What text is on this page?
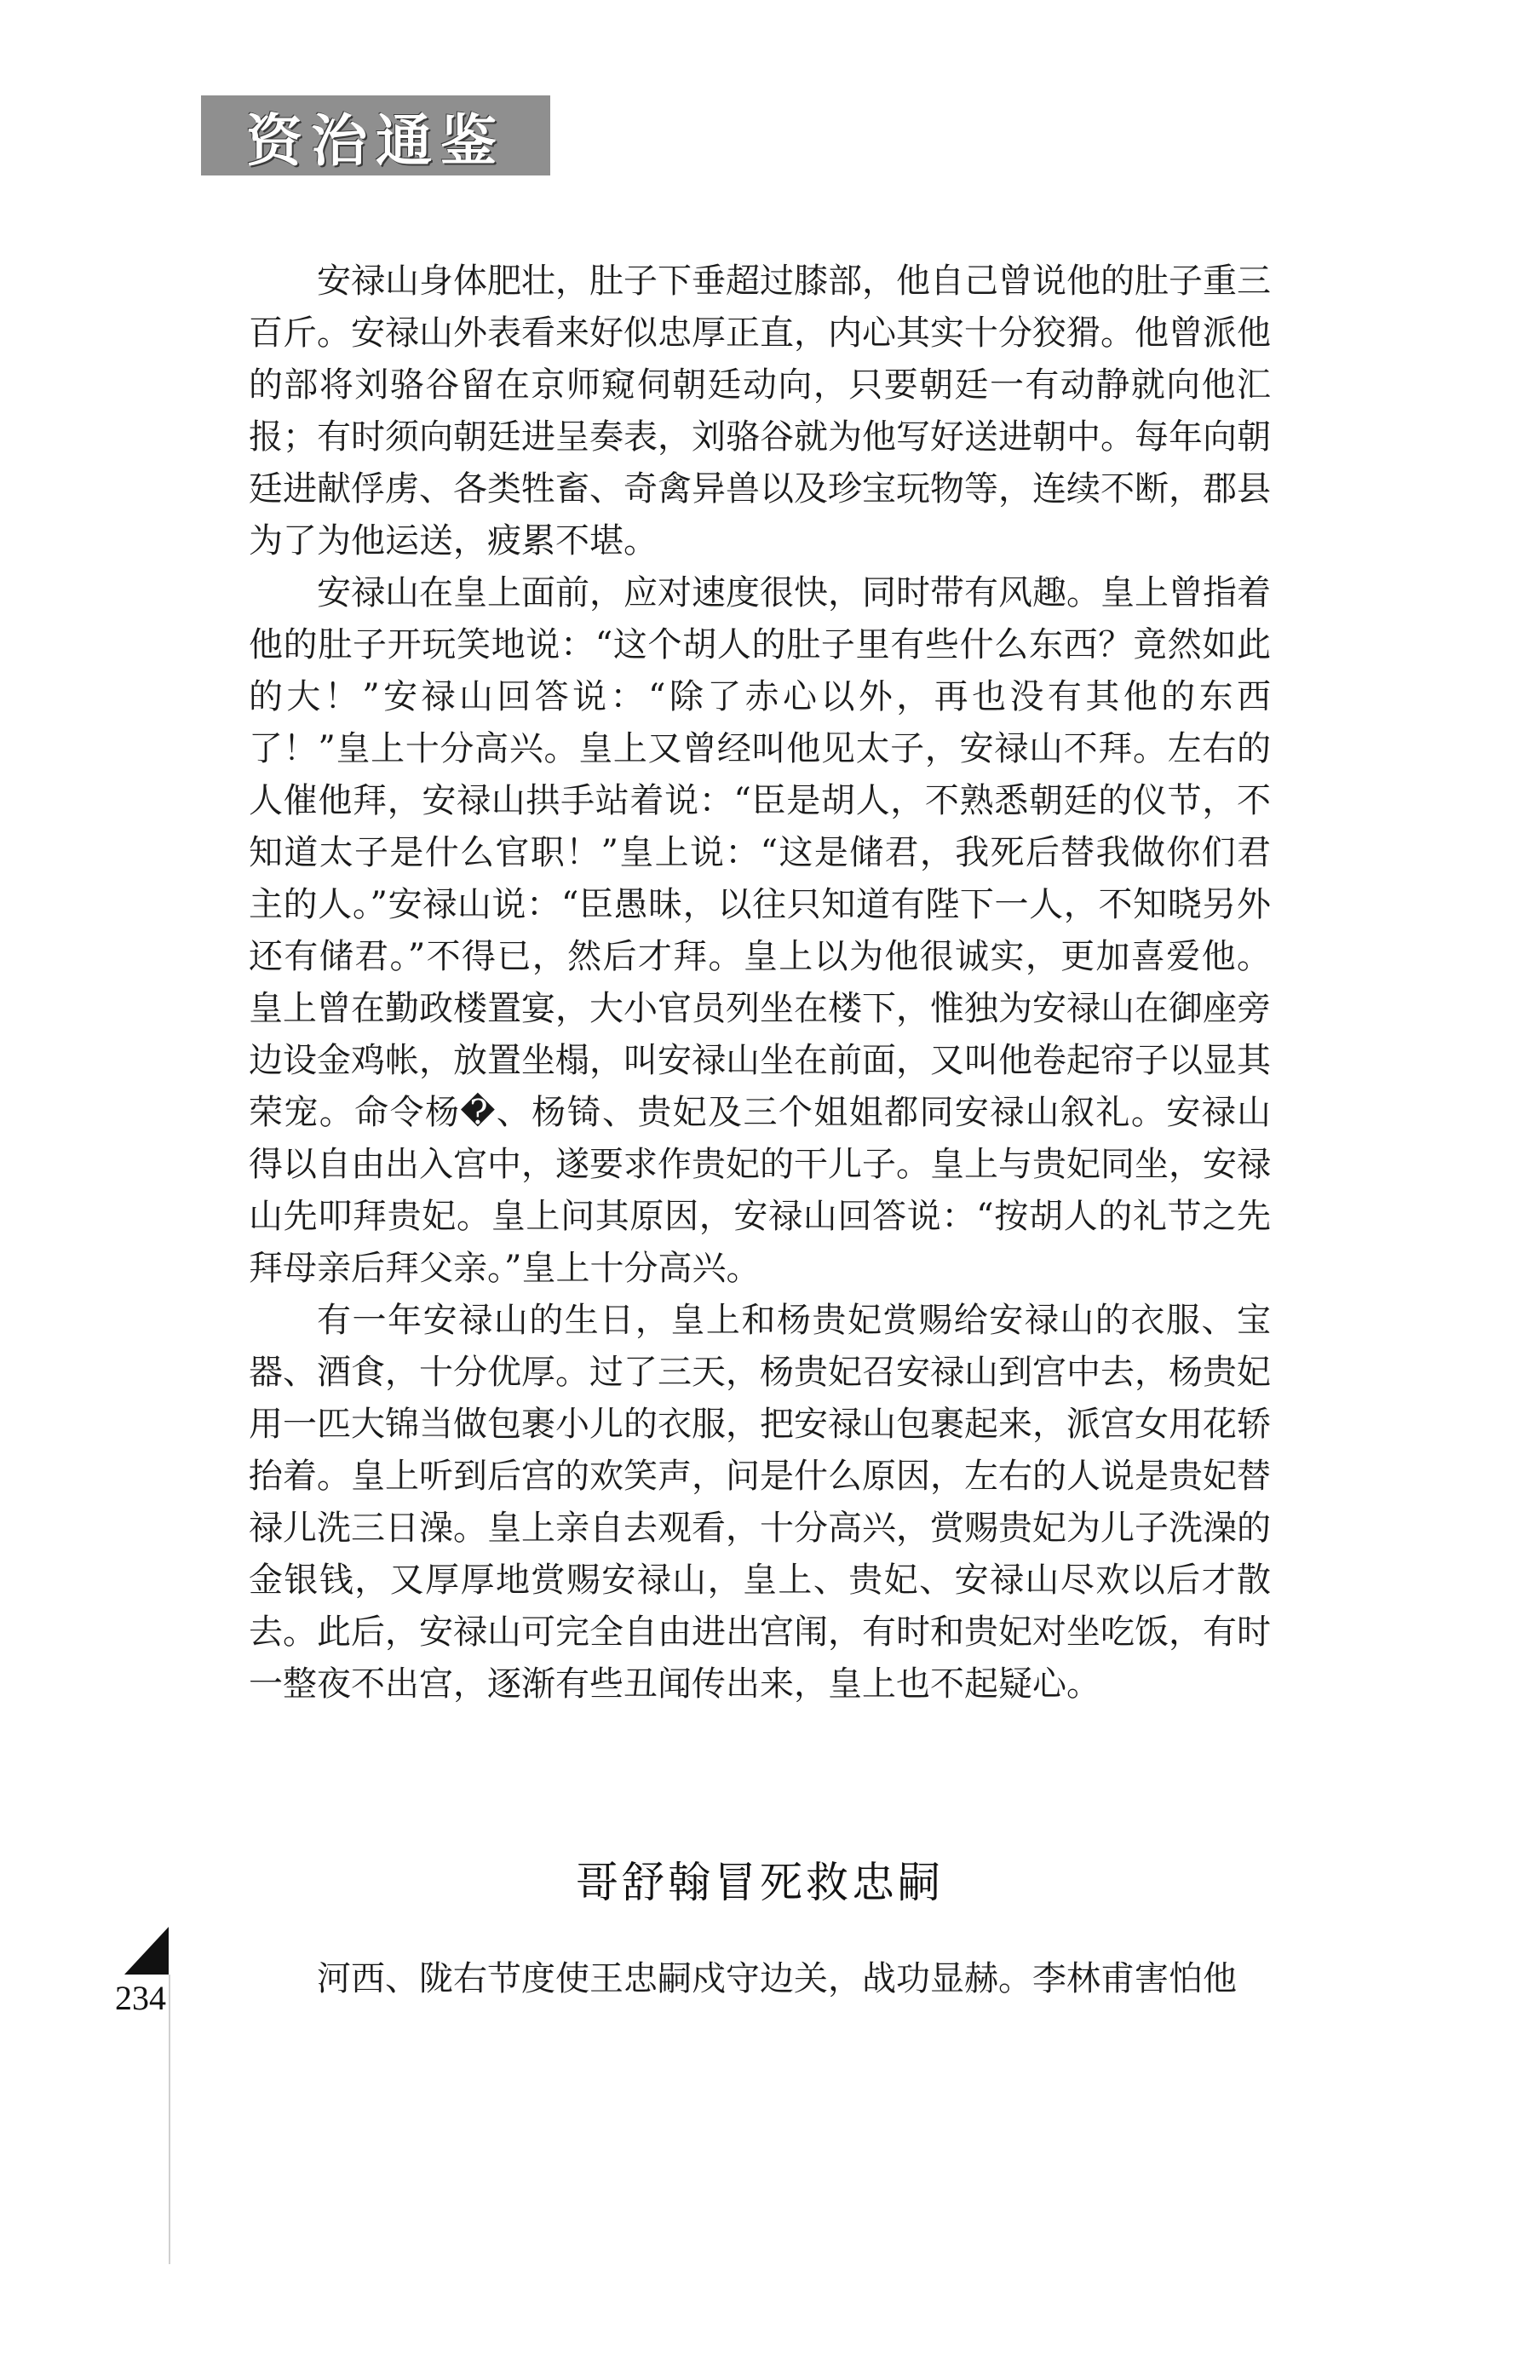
资治通鉴

安禄山身体肥壮，肚子下垂超过膝部，他自己曾说他的肚子重三百斤。安禄山外表看来好似忠厚正直，内心其实十分狡猾。他曾派他的部将刘骆谷留在京师窥伺朝廷动向，只要朝廷一有动静就向他汇报；有时须向朝廷进呈奏表，刘骆谷就为他写好送进朝中。每年向朝廷进献俘虏、各类牲畜、奇禽异兽以及珍宝玩物等，连续不断，郡县为了为他运送，疲累不堪。

安禄山在皇上面前，应对速度很快，同时带有风趣。皇上曾指着他的肚子开玩笑地说：“这个胡人的肚子里有些什么东西？竟然如此的大！”安禄山回答说：“除了赤心以外，再也没有其他的东西了！”皇上十分高兴。皇上又曾经叫他见太子，安禄山不拜。左右的人催他拜，安禄山拱手站着说：“臣是胡人，不熟悉朝廷的仪节，不知道太子是什么官职！”皇上说：“这是储君，我死后替我做你们君主的人。”安禄山说：“臣愚昧，以往只知道有陛下一人，不知晓另外还有储君。”不得已，然后才拜。皇上以为他很诚实，更加喜爱他。皇上曾在勤政楼置宴，大小官员列坐在楼下，惟独为安禄山在御座旁边设金鸡帐，放置坐榻，叫安禄山坐在前面，又叫他卷起帘子以显其荣宠。命令杨�、杨锜、贵妃及三个姐姐都同安禄山叙礼。安禄山得以自由出入宫中，遂要求作贵妃的干儿子。皇上与贵妃同坐，安禄山先叩拜贵妃。皇上问其原因，安禄山回答说：“按胡人的礼节之先拜母亲后拜父亲。”皇上十分高兴。

有一年安禄山的生日，皇上和杨贵妃赏赐给安禄山的衣服、宝器、酒食，十分优厚。过了三天，杨贵妃召安禄山到宫中去，杨贵妃用一匹大锦当做包裹小儿的衣服，把安禄山包裹起来，派宫女用花轿抬着。皇上听到后宫的欢笑声，问是什么原因，左右的人说是贵妃替禄儿洗三日澡。皇上亲自去观看，十分高兴，赏赐贵妃为儿子洗澡的金银钱，又厚厚地赏赐安禄山，皇上、贵妃、安禄山尽欢以后才散去。此后，安禄山可完全自由进出宫闱，有时和贵妃对坐吃饭，有时一整夜不出宫，逐渐有些丑闻传出来，皇上也不起疑心。

哥舒翰冒死救忠嗣

河西、陇右节度使王忠嗣戍守边关，战功显赫。李林甫害怕他

234
